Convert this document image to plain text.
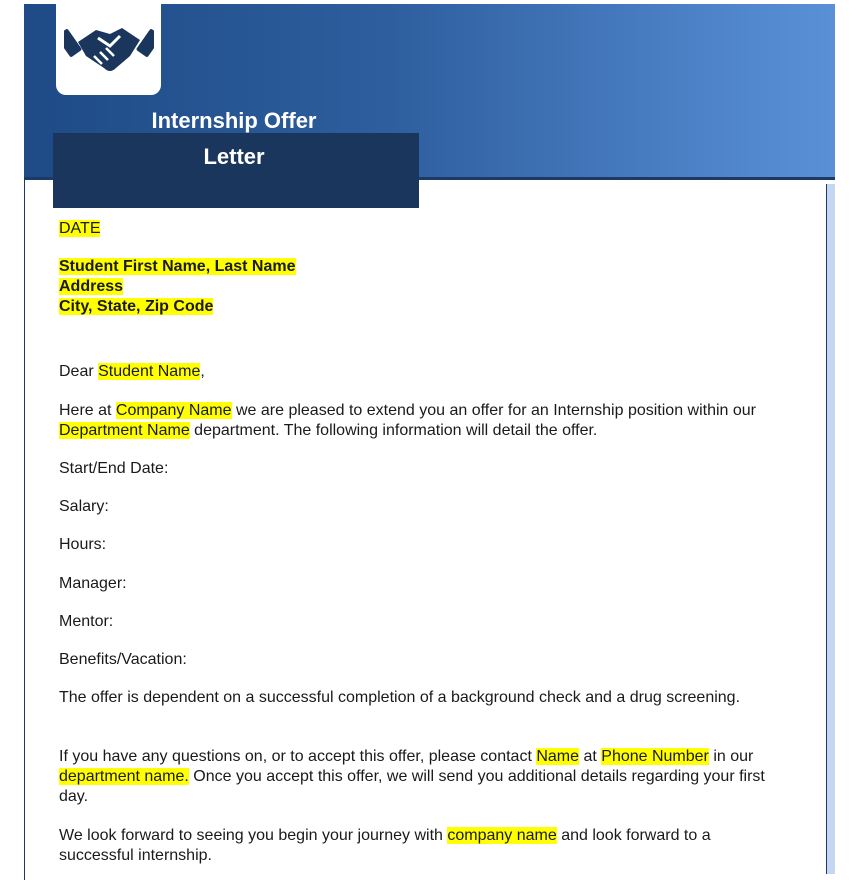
Internship Offer
Letter
DATE
Student First Name, Last Name
Address
City, State, Zip Code
Dear Student Name,
Here at Company Name we are pleased to extend you an offer for an Internship position within our Department Name department. The following information will detail the offer.
Start/End Date:
Salary:
Hours:
Manager:
Mentor:
Benefits/Vacation:
The offer is dependent on a successful completion of a background check and a drug screening.
If you have any questions on, or to accept this offer, please contact Name at Phone Number in our department name. Once you accept this offer, we will send you additional details regarding your first day.
We look forward to seeing you begin your journey with company name and look forward to a successful internship.
